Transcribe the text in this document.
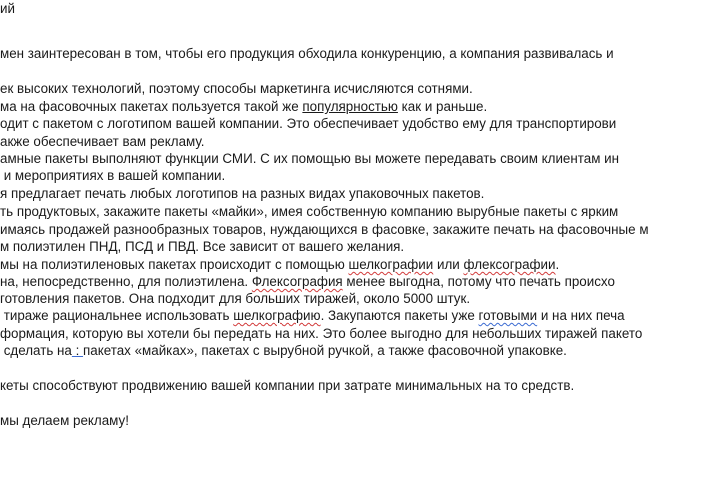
ий
мен заинтересован в том, чтобы его продукция обходила конкуренцию, а компания развивалась и
ек высоких технологий, поэтому способы маркетинга исчисляются сотнями.
ма на фасовочных пакетах пользуется такой же популярностью как и раньше.
одит с пакетом с логотипом вашей компании. Это обеспечивает удобство ему для транспортирови
акже обеспечивает вам рекламу.
амные пакеты выполняют функции СМИ. С их помощью вы можете передавать своим клиентам ин
и мероприятиях в вашей компании.
я предлагает печать любых логотипов на разных видах упаковочных пакетов.
ть продуктовых, закажите пакеты «майки», имея собственную компанию вырубные пакеты с ярким
имаясь продажей разнообразных товаров, нуждающихся в фасовке, закажите печать на фасовочные м
м полиэтилен ПНД, ПСД и ПВД. Все зависит от вашего желания.
мы на полиэтиленовых пакетах происходит с помощью шелкографии или флексографии.
на, непосредственно, для полиэтилена. Флексография менее выгодна, потому что печать происхо
готовления пакетов. Она подходит для больших тиражей, около 5000 штук.
тираже рациональнее использовать шелкографию. Закупаются пакеты уже готовыми и на них печа
формация, которую вы хотели бы передать на них. Это более выгодно для небольших тиражей пакето
сделать на : пакетах «майках», пакетах с вырубной ручкой, а также фасовочной упаковке.
кеты способствуют продвижению вашей компании при затрате минимальных на то средств.
мы делаем рекламу!
